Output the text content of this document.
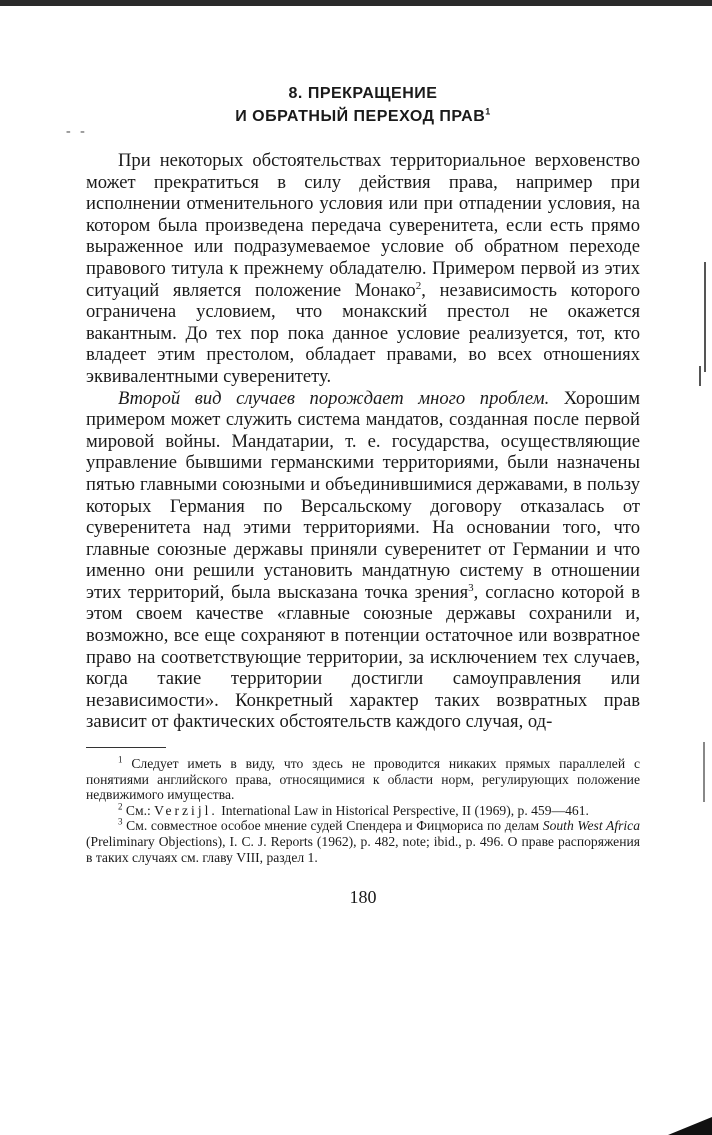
- -
8. ПРЕКРАЩЕНИЕ
И ОБРАТНЫЙ ПЕРЕХОД ПРАВ$^1$

При некоторых обстоятельствах территориальное верховенство может прекратиться в силу действия права, например при исполнении отменительного условия или при отпадении условия, на котором была произведена передача суверенитета, если есть прямо выраженное или подразумеваемое условие об обратном переходе правового титула к прежнему обладателю. Примером первой из этих ситуаций является положение Монако$^2$, независимость которого ограничена условием, что монакский престол не окажется вакантным. До тех пор пока данное условие реализуется, тот, кто владеет этим престолом, обладает правами, во всех отношениях эквивалентными суверенитету.

Второй вид случаев порождает много проблем. Хорошим примером может служить система мандатов, созданная после первой мировой войны. Мандатарии, т. е. государства, осуществляющие управление бывшими германскими территориями, были назначены пятью главными союзными и объединившимися державами, в пользу которых Германия по Версальскому договору отказалась от суверенитета над этими территориями. На основании того, что главные союзные державы приняли суверенитет от Германии и что именно они решили установить мандатную систему в отношении этих территорий, была высказана точка зрения$^3$, согласно которой в этом своем качестве «главные союзные державы сохранили и, возможно, все еще сохраняют в потенции остаточное или возвратное право на соответствующие территории, за исключением тех случаев, когда такие территории достигли самоуправления или независимости». Конкретный характер таких возвратных прав зависит от фактических обстоятельств каждого случая, од-

$^1$ Следует иметь в виду, что здесь не проводится никаких прямых параллелей с понятиями английского права, относящимися к области норм, регулирующих положение недвижимого имущества.

$^2$ См.: Verzijl. International Law in Historical Perspective, II (1969), p. 459—461.

$^3$ См. совместное особое мнение судей Спендера и Фицмориса по делам South West Africa (Preliminary Objections), I. C. J. Reports (1962), p. 482, note; ibid., p. 496. О праве распоряжения в таких случаях см. главу VIII, раздел 1.

180
